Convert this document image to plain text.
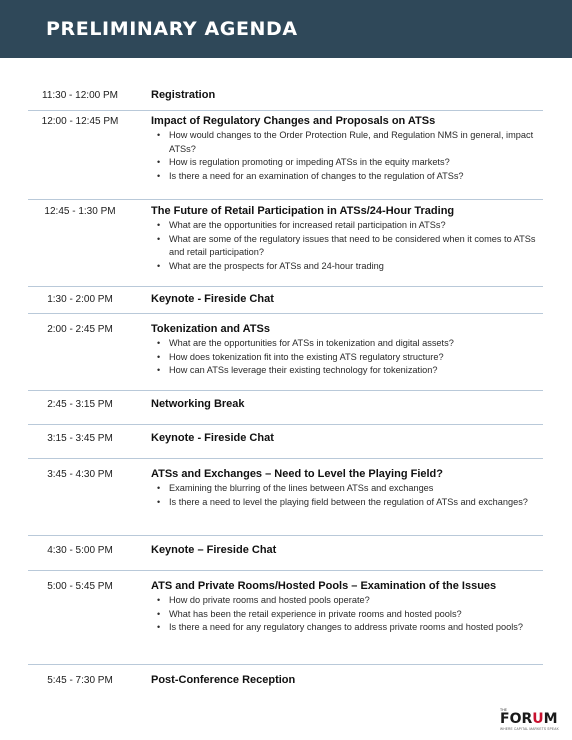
PRELIMINARY AGENDA
11:30 - 12:00 PM	Registration
12:00 - 12:45 PM	Impact of Regulatory Changes and Proposals on ATSs
• How would changes to the Order Protection Rule, and Regulation NMS in general, impact ATSs?
• How is regulation promoting or impeding ATSs in the equity markets?
• Is there a need for an examination of changes to the regulation of ATSs?
12:45 - 1:30 PM	The Future of Retail Participation in ATSs/24-Hour Trading
• What are the opportunities for increased retail participation in ATSs?
• What are some of the regulatory issues that need to be considered when it comes to ATSs and retail participation?
• What are the prospects for ATSs and 24-hour trading
1:30 - 2:00 PM	Keynote - Fireside Chat
2:00 - 2:45 PM	Tokenization and ATSs
• What are the opportunities for ATSs in tokenization and digital assets?
• How does tokenization fit into the existing ATS regulatory structure?
• How can ATSs leverage their existing technology for tokenization?
2:45 - 3:15 PM	Networking Break
3:15 - 3:45 PM	Keynote - Fireside Chat
3:45 - 4:30 PM	ATSs and Exchanges – Need to Level the Playing Field?
• Examining the blurring of the lines between ATSs and exchanges
• Is there a need to level the playing field between the regulation of ATSs and exchanges?
4:30 - 5:00 PM	Keynote – Fireside Chat
5:00 - 5:45 PM	ATS and Private Rooms/Hosted Pools – Examination of the Issues
• How do private rooms and hosted pools operate?
• What has been the retail experience in private rooms and hosted pools?
• Is there a need for any regulatory changes to address private rooms and hosted pools?
5:45 - 7:30 PM	Post-Conference Reception
THE
FORUM
WHERE CAPITAL MARKETS SPEAK
